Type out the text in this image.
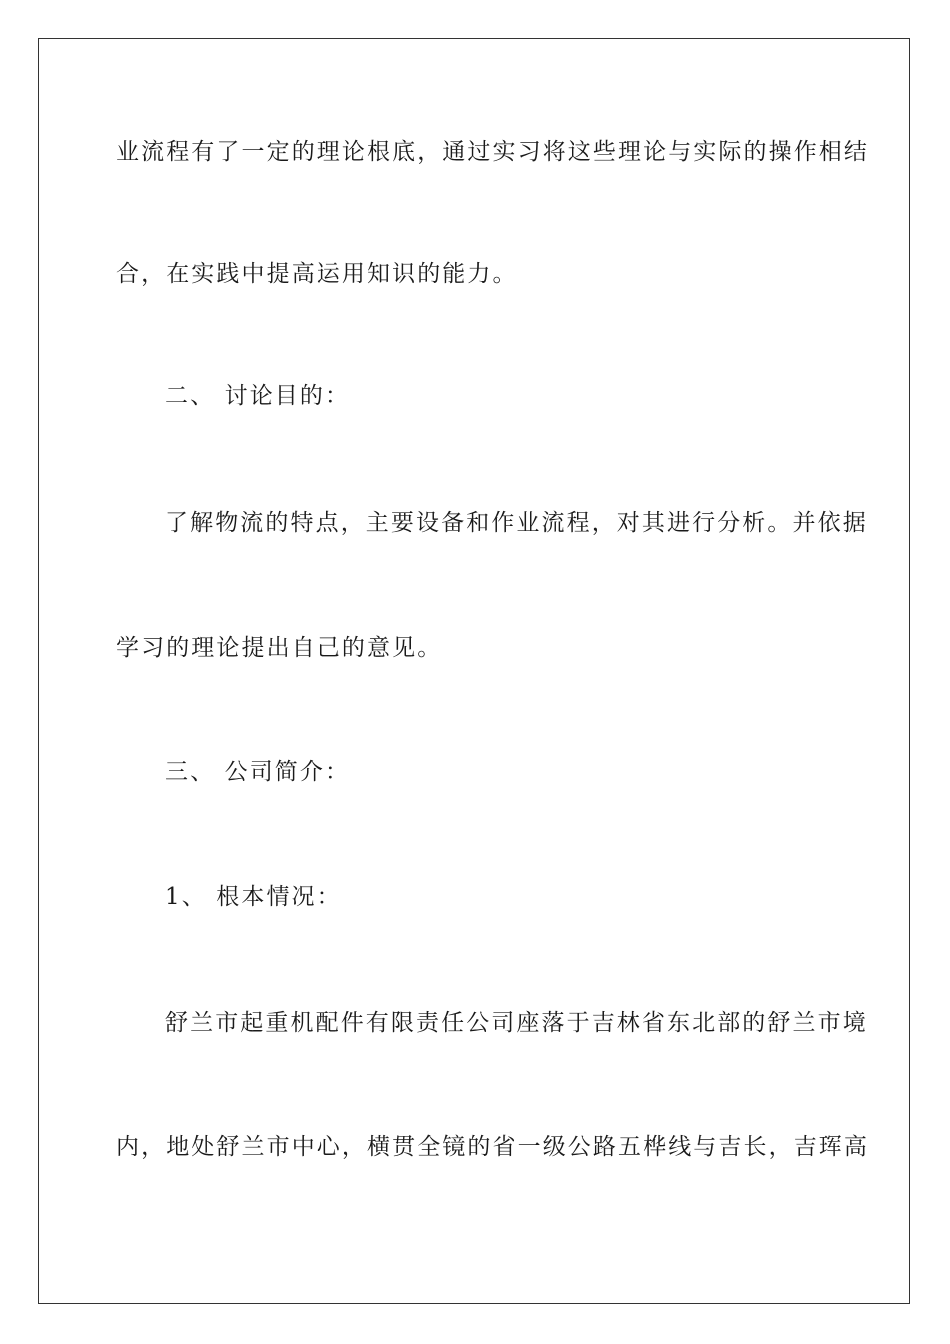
业流程有了一定的理论根底，通过实习将这些理论与实际的操作相结
合，在实践中提高运用知识的能力。
二、 讨论目的：
了解物流的特点，主要设备和作业流程，对其进行分析。并依据
学习的理论提出自己的意见。
三、 公司简介：
1、 根本情况：
舒兰市起重机配件有限责任公司座落于吉林省东北部的舒兰市境
内，地处舒兰市中心，横贯全镜的省一级公路五桦线与吉长，吉珲高
